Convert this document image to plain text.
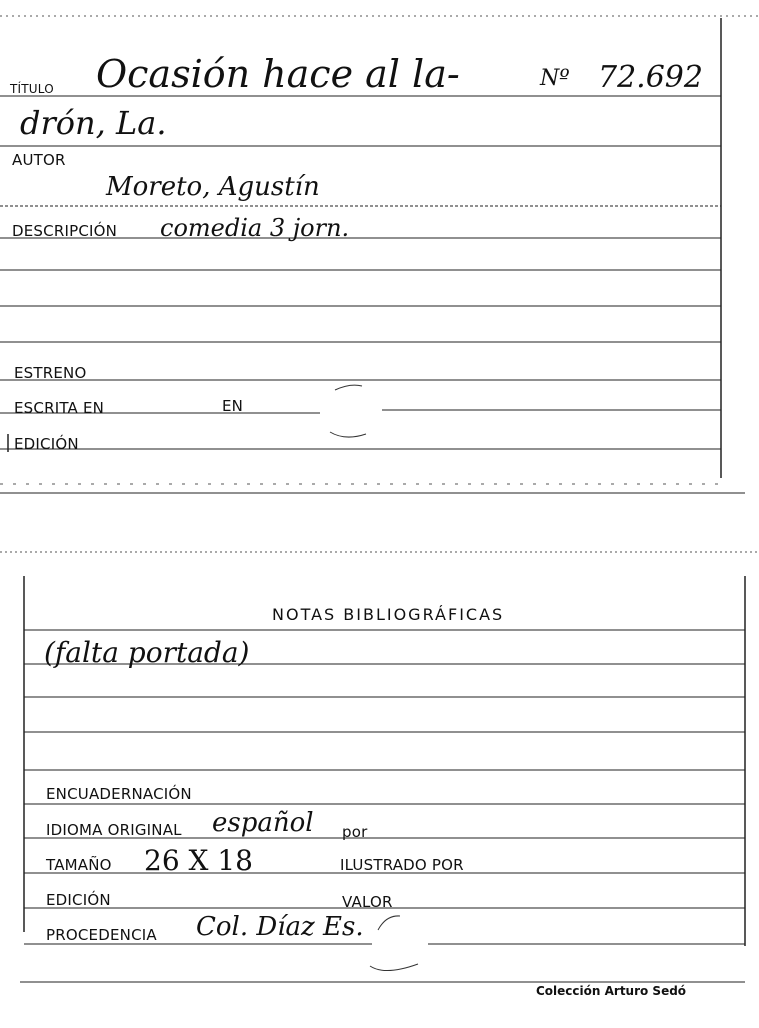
TÍTULO Ocasión hace al la-	Nº 72.692
drón, La.
AUTOR
Moreto, Agustín
DESCRIPCIÓN comedia 3 jorn.
ESTRENO
ESCRITA EN	EN
EDICIÓN
NOTAS BIBLIOGRÁFICAS
(falta portada)
ENCUADERNACIÓN
IDIOMA ORIGINAL español por
TAMAÑO 26 X 18	ILUSTRADO POR
EDICIÓN	VALOR
PROCEDENCIA Col. Díaz Es.
Colección Arturo Sedó
